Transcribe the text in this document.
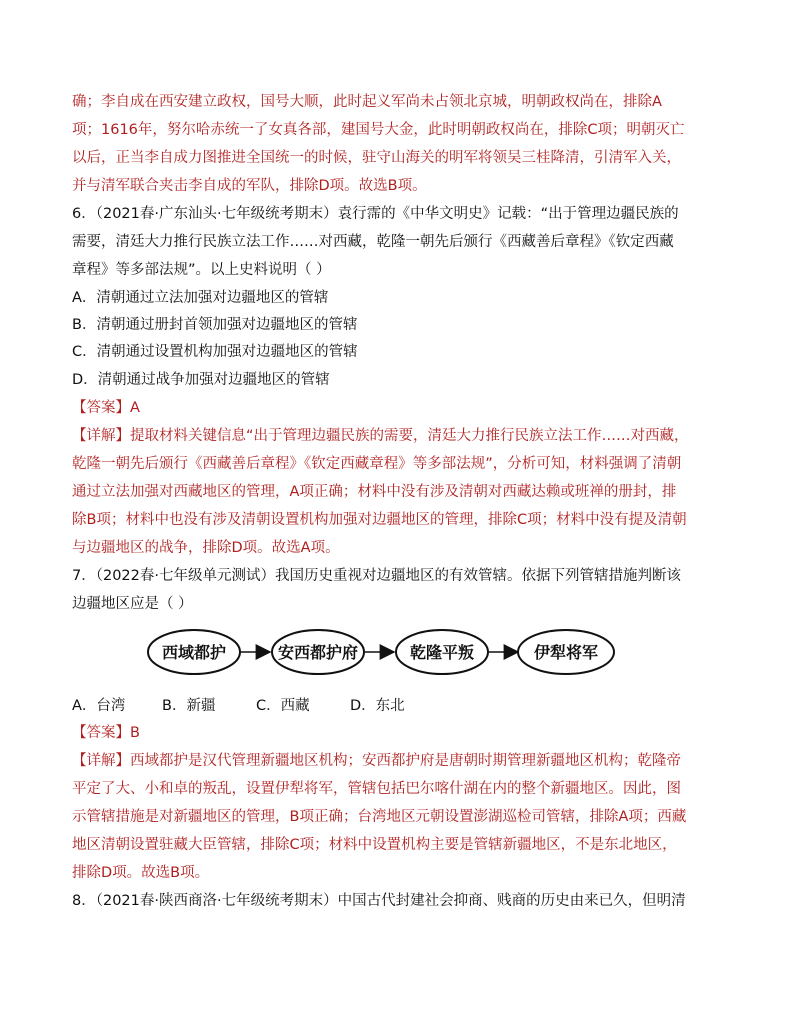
确；李自成在西安建立政权，国号大顺，此时起义军尚未占领北京城，明朝政权尚在，排除A
项；1616年，努尔哈赤统一了女真各部，建国号大金，此时明朝政权尚在，排除C项；明朝灭亡
以后，正当李自成力图推进全国统一的时候，驻守山海关的明军将领吴三桂降清，引清军入关，
并与清军联合夹击李自成的军队，排除D项。故选B项。
6．（2021春·广东汕头·七年级统考期末）袁行霈的《中华文明史》记载：“出于管理边疆民族的
需要，清廷大力推行民族立法工作……对西藏，乾隆一朝先后颁行《西藏善后章程》《钦定西藏
章程》等多部法规”。以上史料说明（ ）
A．清朝通过立法加强对边疆地区的管辖
B．清朝通过册封首领加强对边疆地区的管辖
C．清朝通过设置机构加强对边疆地区的管辖
D．清朝通过战争加强对边疆地区的管辖
【答案】A
【详解】提取材料关键信息“出于管理边疆民族的需要，清廷大力推行民族立法工作……对西藏，
乾隆一朝先后颁行《西藏善后章程》《钦定西藏章程》等多部法规”，分析可知，材料强调了清朝
通过立法加强对西藏地区的管理，A项正确；材料中没有涉及清朝对西藏达赖或班禅的册封，排
除B项；材料中也没有涉及清朝设置机构加强对边疆地区的管理，排除C项；材料中没有提及清朝
与边疆地区的战争，排除D项。故选A项。
7．（2022春·七年级单元测试）我国历史重视对边疆地区的有效管辖。依据下列管辖措施判断该
边疆地区应是（ ）
西域都护	安西都护府	乾隆平叛	伊犁将军
A．台湾	B．新疆	C．西藏	D．东北
【答案】B
【详解】西域都护是汉代管理新疆地区机构；安西都护府是唐朝时期管理新疆地区机构；乾隆帝
平定了大、小和卓的叛乱，设置伊犁将军，管辖包括巴尔喀什湖在内的整个新疆地区。因此，图
示管辖措施是对新疆地区的管理，B项正确；台湾地区元朝设置澎湖巡检司管辖，排除A项；西藏
地区清朝设置驻藏大臣管辖，排除C项；材料中设置机构主要是管辖新疆地区，不是东北地区，
排除D项。故选B项。
8．（2021春·陕西商洛·七年级统考期末）中国古代封建社会抑商、贱商的历史由来已久，但明清
